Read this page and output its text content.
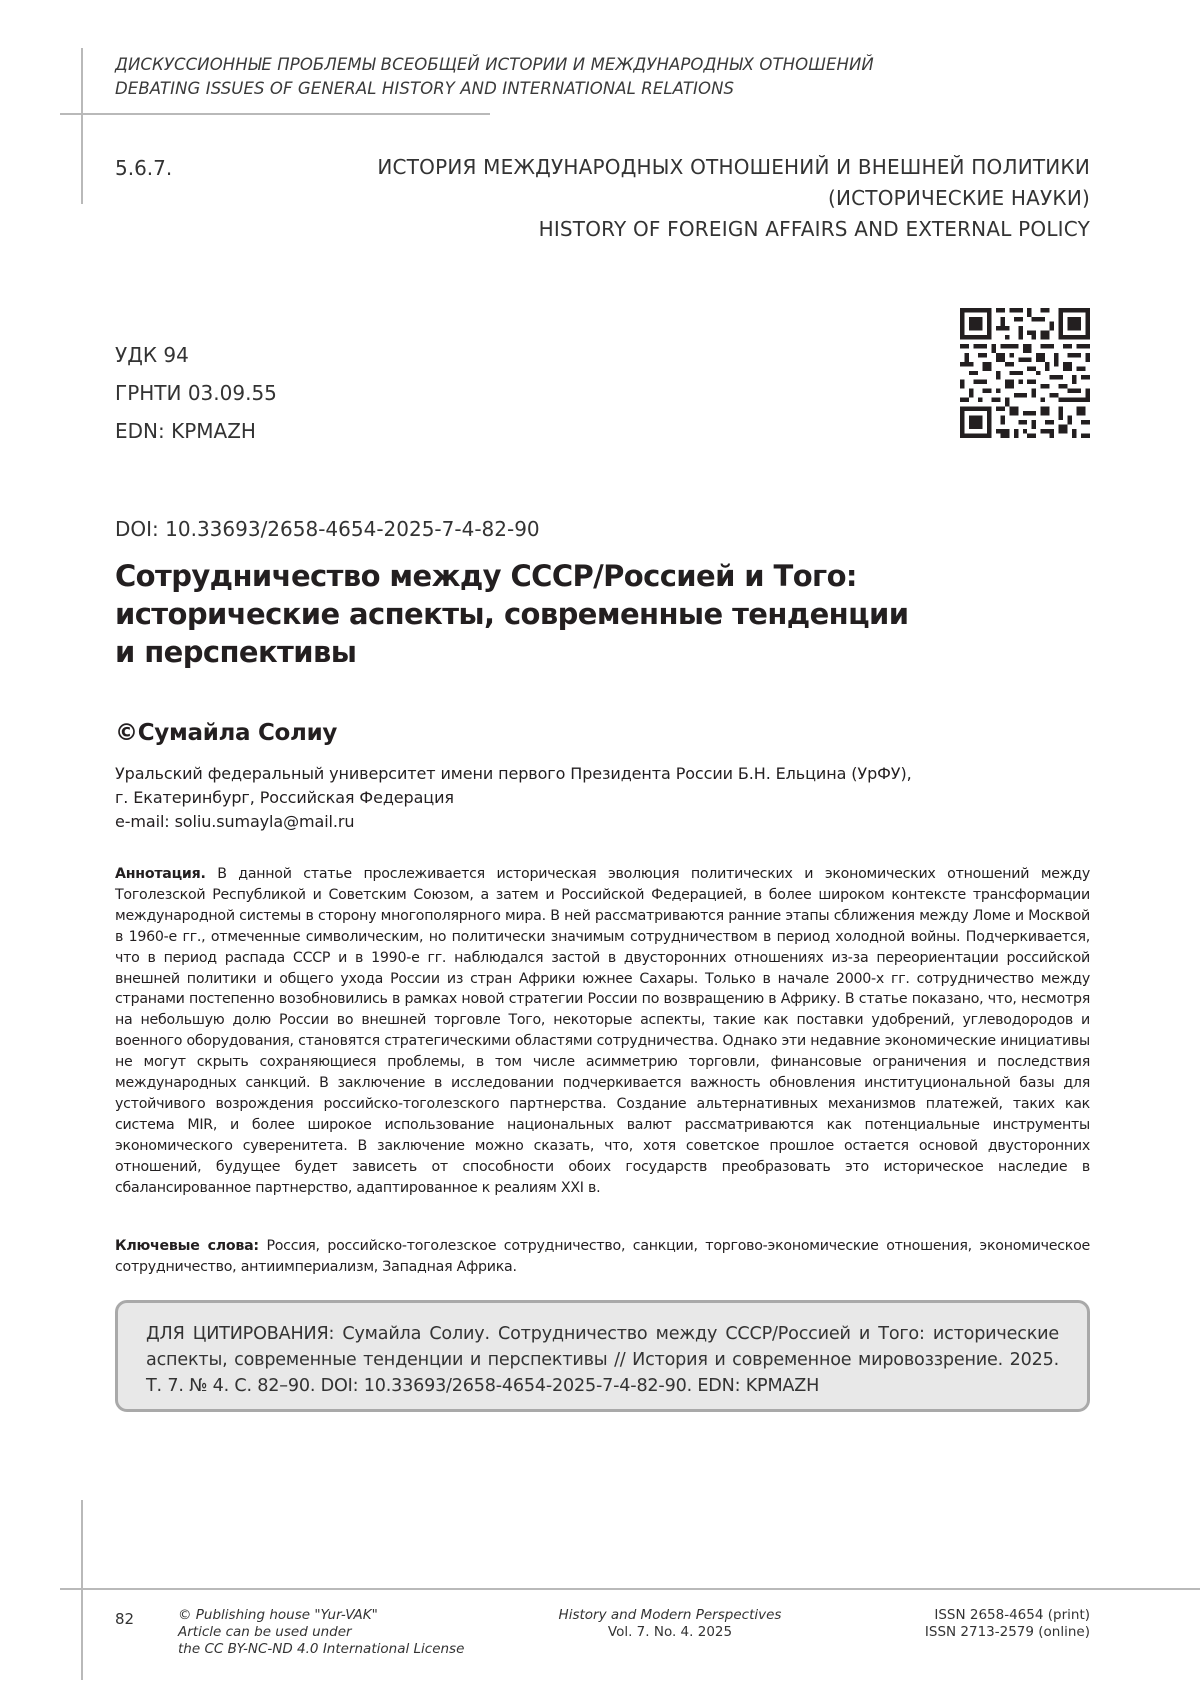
ДИСКУССИОННЫЕ ПРОБЛЕМЫ ВСЕОБЩЕЙ ИСТОРИИ И МЕЖДУНАРОДНЫХ ОТНОШЕНИЙ
DEBATING ISSUES OF GENERAL HISTORY AND INTERNATIONAL RELATIONS
5.6.7.	ИСТОРИЯ МЕЖДУНАРОДНЫХ ОТНОШЕНИЙ И ВНЕШНЕЙ ПОЛИТИКИ
(ИСТОРИЧЕСКИЕ НАУКИ)
HISTORY OF FOREIGN AFFAIRS AND EXTERNAL POLICY
УДК 94
ГРНТИ 03.09.55
EDN: KPMAZH
DOI: 10.33693/2658-4654-2025-7-4-82-90
Сотрудничество между СССР/Россией и Того:
исторические аспекты, современные тенденции
и перспективы
©Сумайла Солиу
Уральский федеральный университет имени первого Президента России Б.Н. Ельцина (УрФУ),
г. Екатеринбург, Российская Федерация
e-mail: soliu.sumayla@mail.ru
Аннотация. В данной статье прослеживается историческая эволюция политических и экономических отношений между Тоголезской Республикой и Советским Союзом, а затем и Российской Федерацией, в более широком контексте трансформации международной системы в сторону многополярного мира. В ней рассматриваются ранние этапы сближения между Ломе и Москвой в 1960-е гг., отмеченные символическим, но политически значимым сотрудничеством в период холодной войны. Подчеркивается, что в период распада СССР и в 1990-е гг. наблюдался застой в двусторонних отношениях из-за переориентации российской внешней политики и общего ухода России из стран Африки южнее Сахары. Только в начале 2000-х гг. сотрудничество между странами постепенно возобновились в рамках новой стратегии России по возвращению в Африку. В статье показано, что, несмотря на небольшую долю России во внешней торговле Того, некоторые аспекты, такие как поставки удобрений, углеводородов и военного оборудования, становятся стратегическими областями сотрудничества. Однако эти недавние экономические инициативы не могут скрыть сохраняющиеся проблемы, в том числе асимметрию торговли, финансовые ограничения и последствия международных санкций. В заключение в исследовании подчеркивается важность обновления институциональной базы для устойчивого возрождения российско-тоголезского партнерства. Создание альтернативных механизмов платежей, таких как система MIR, и более широкое использование национальных валют рассматриваются как потенциальные инструменты экономического суверенитета. В заключение можно сказать, что, хотя советское прошлое остается основой двусторонних отношений, будущее будет зависеть от способности обоих государств преобразовать это историческое наследие в сбалансированное партнерство, адаптированное к реалиям XXI в.
Ключевые слова: Россия, российско-тоголезское сотрудничество, санкции, торгово-экономические отношения, экономическое сотрудничество, антиимпериализм, Западная Африка.
ДЛЯ ЦИТИРОВАНИЯ: Сумайла Солиу. Сотрудничество между СССР/Россией и Того: исторические аспекты, современные тенденции и перспективы // История и современное мировоззрение. 2025. Т. 7. № 4. С. 82–90. DOI: 10.33693/2658-4654-2025-7-4-82-90. EDN: KPMAZH
82	© Publishing house "Yur-VAK"
Article can be used under
the CC BY-NC-ND 4.0 International License
History and Modern Perspectives
Vol. 7. No. 4. 2025
ISSN 2658-4654 (print)
ISSN 2713-2579 (online)
